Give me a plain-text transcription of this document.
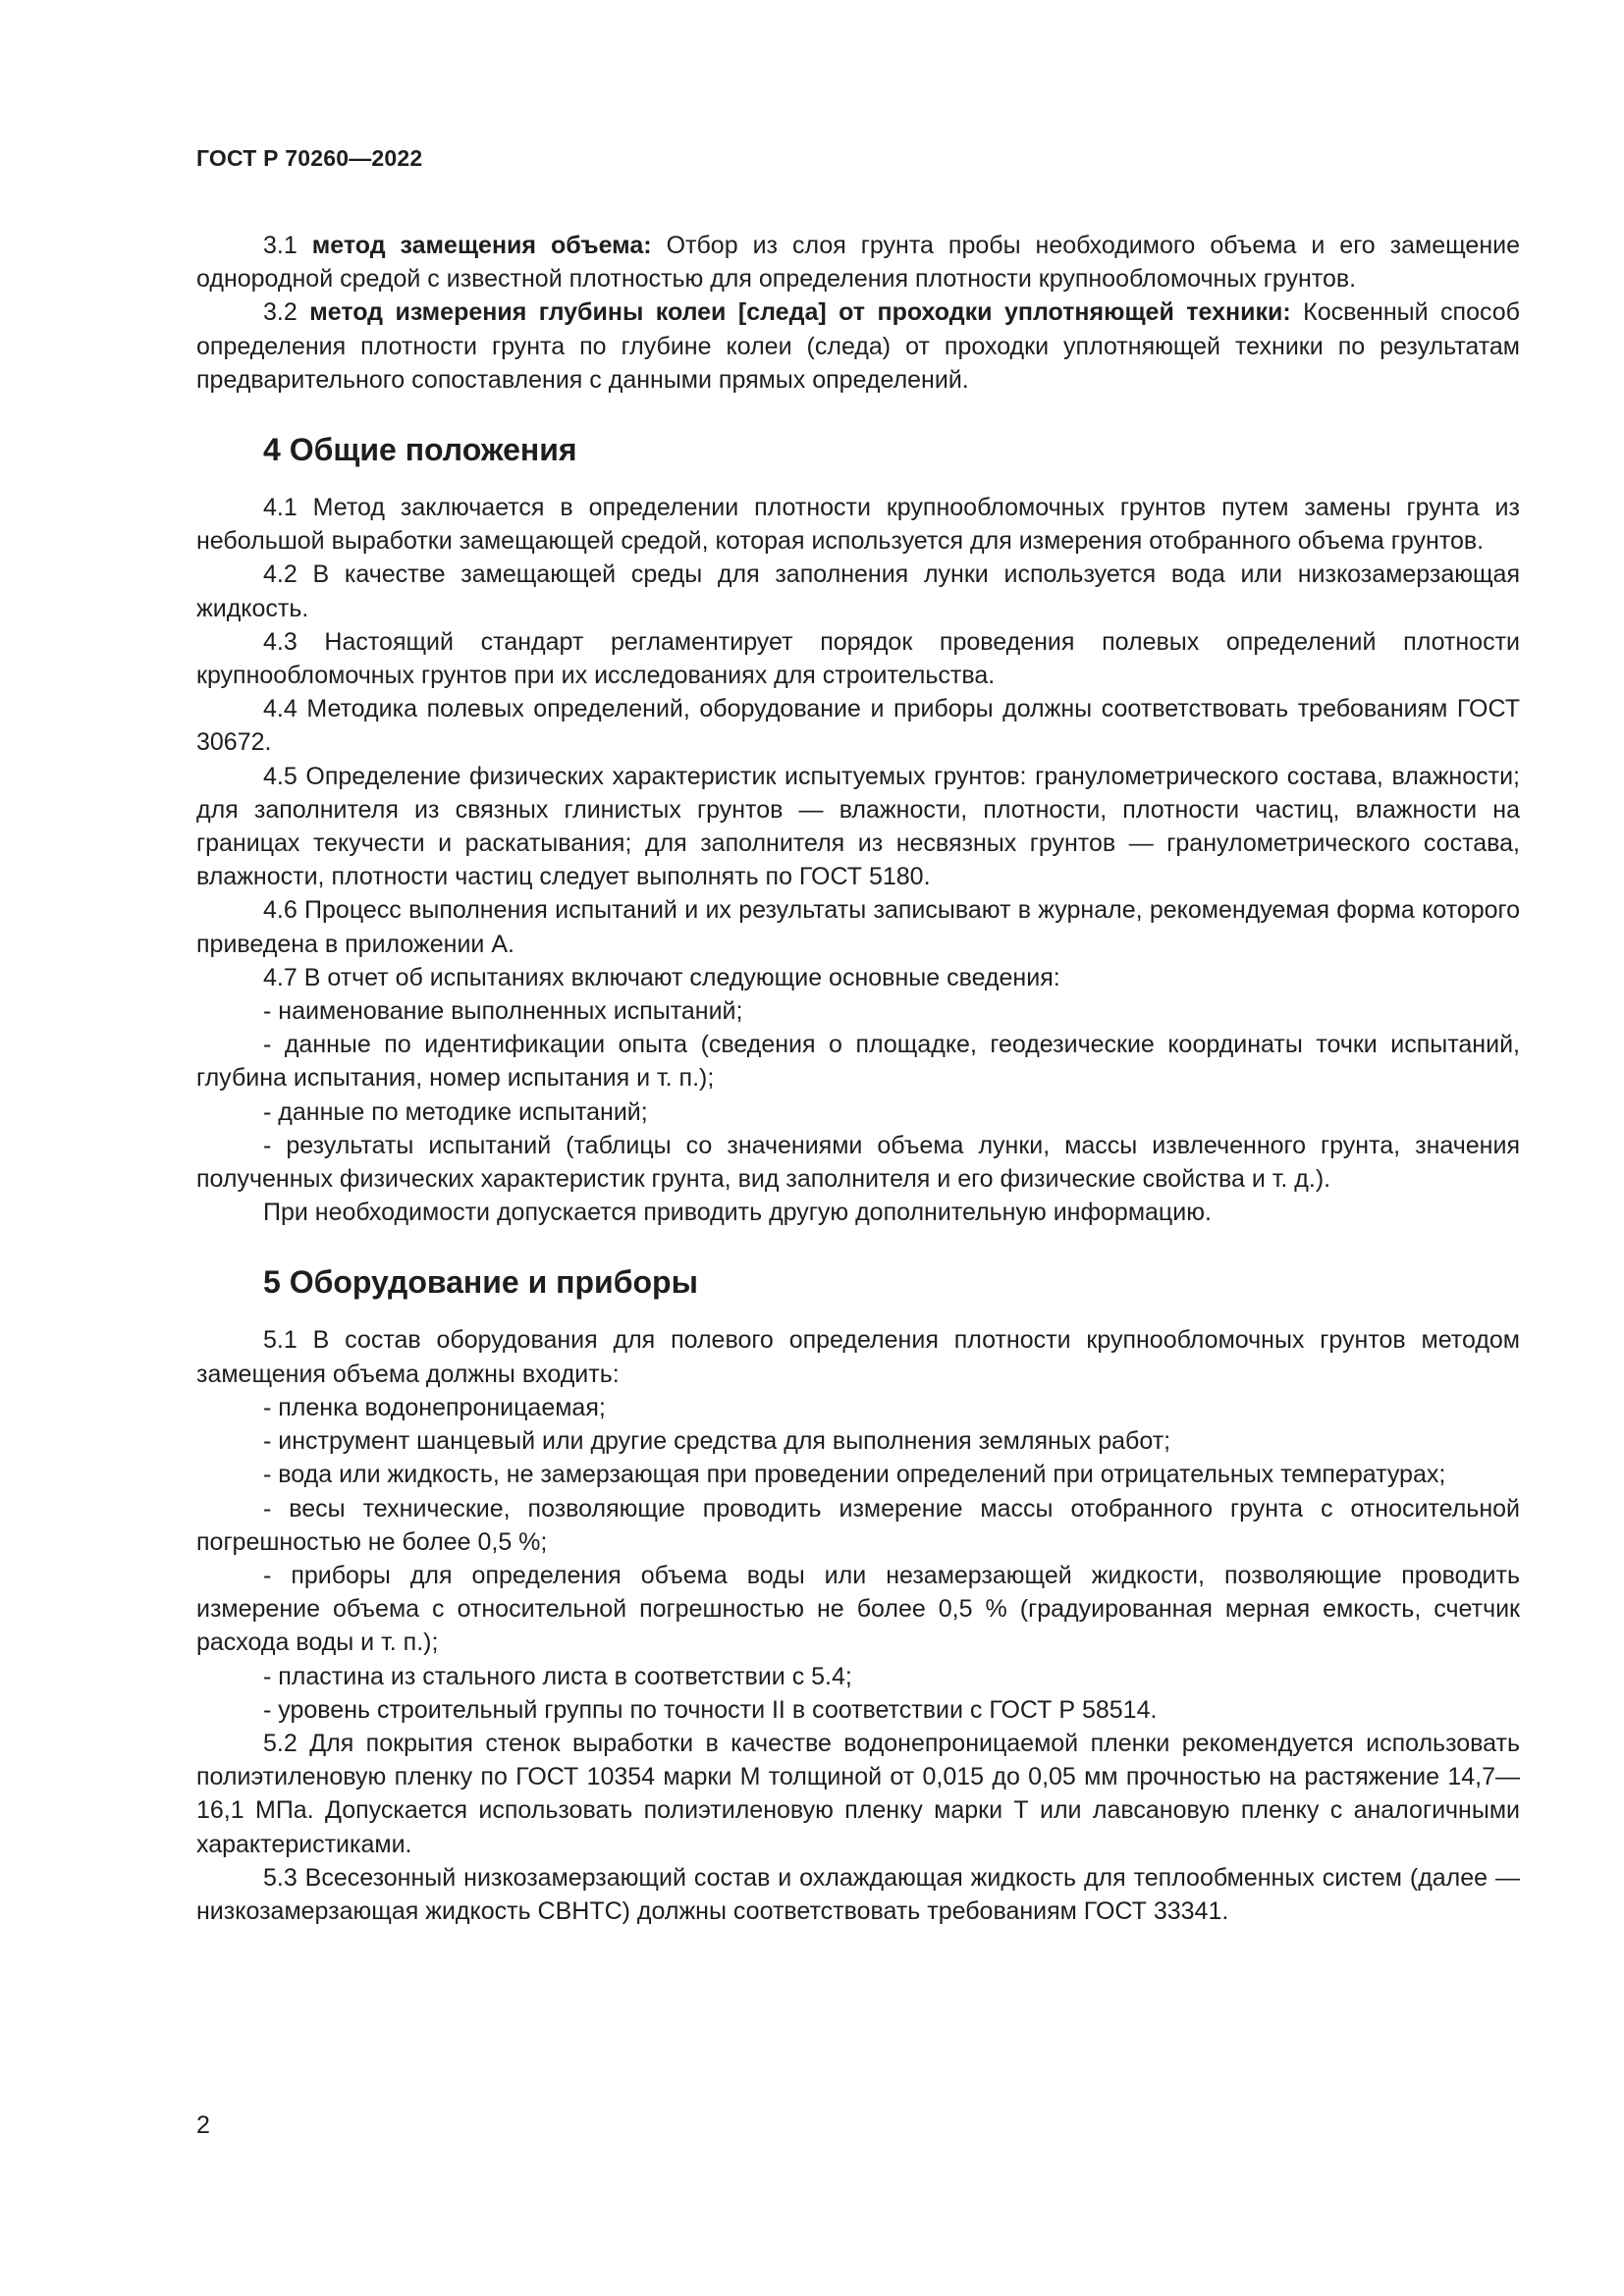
ГОСТ Р 70260—2022

3.1 метод замещения объема: Отбор из слоя грунта пробы необходимого объема и его замещение однородной средой с известной плотностью для определения плотности крупнообломочных грунтов.

3.2 метод измерения глубины колеи [следа] от проходки уплотняющей техники: Косвенный способ определения плотности грунта по глубине колеи (следа) от проходки уплотняющей техники по результатам предварительного сопоставления с данными прямых определений.

4 Общие положения

4.1 Метод заключается в определении плотности крупнообломочных грунтов путем замены грунта из небольшой выработки замещающей средой, которая используется для измерения отобранного объема грунтов.

4.2 В качестве замещающей среды для заполнения лунки используется вода или низкозамерзающая жидкость.

4.3 Настоящий стандарт регламентирует порядок проведения полевых определений плотности крупнообломочных грунтов при их исследованиях для строительства.

4.4 Методика полевых определений, оборудование и приборы должны соответствовать требованиям ГОСТ 30672.

4.5 Определение физических характеристик испытуемых грунтов: гранулометрического состава, влажности; для заполнителя из связных глинистых грунтов — влажности, плотности, плотности частиц, влажности на границах текучести и раскатывания; для заполнителя из несвязных грунтов — гранулометрического состава, влажности, плотности частиц следует выполнять по ГОСТ 5180.

4.6 Процесс выполнения испытаний и их результаты записывают в журнале, рекомендуемая форма которого приведена в приложении А.

4.7 В отчет об испытаниях включают следующие основные сведения:

- наименование выполненных испытаний;

- данные по идентификации опыта (сведения о площадке, геодезические координаты точки испытаний, глубина испытания, номер испытания и т. п.);

- данные по методике испытаний;

- результаты испытаний (таблицы со значениями объема лунки, массы извлеченного грунта, значения полученных физических характеристик грунта, вид заполнителя и его физические свойства и т. д.).

При необходимости допускается приводить другую дополнительную информацию.

5 Оборудование и приборы

5.1 В состав оборудования для полевого определения плотности крупнообломочных грунтов методом замещения объема должны входить:

- пленка водонепроницаемая;

- инструмент шанцевый или другие средства для выполнения земляных работ;

- вода или жидкость, не замерзающая при проведении определений при отрицательных температурах;

- весы технические, позволяющие проводить измерение массы отобранного грунта с относительной погрешностью не более 0,5 %;

- приборы для определения объема воды или незамерзающей жидкости, позволяющие проводить измерение объема с относительной погрешностью не более 0,5 % (градуированная мерная емкость, счетчик расхода воды и т. п.);

- пластина из стального листа в соответствии с 5.4;

- уровень строительный группы по точности II в соответствии с ГОСТ Р 58514.

5.2 Для покрытия стенок выработки в качестве водонепроницаемой пленки рекомендуется использовать полиэтиленовую пленку по ГОСТ 10354 марки М толщиной от 0,015 до 0,05 мм прочностью на растяжение 14,7—16,1 МПа. Допускается использовать полиэтиленовую пленку марки Т или лавсановую пленку с аналогичными характеристиками.

5.3 Всесезонный низкозамерзающий состав и охлаждающая жидкость для теплообменных систем (далее — низкозамерзающая жидкость СВНТС) должны соответствовать требованиям ГОСТ 33341.

2
